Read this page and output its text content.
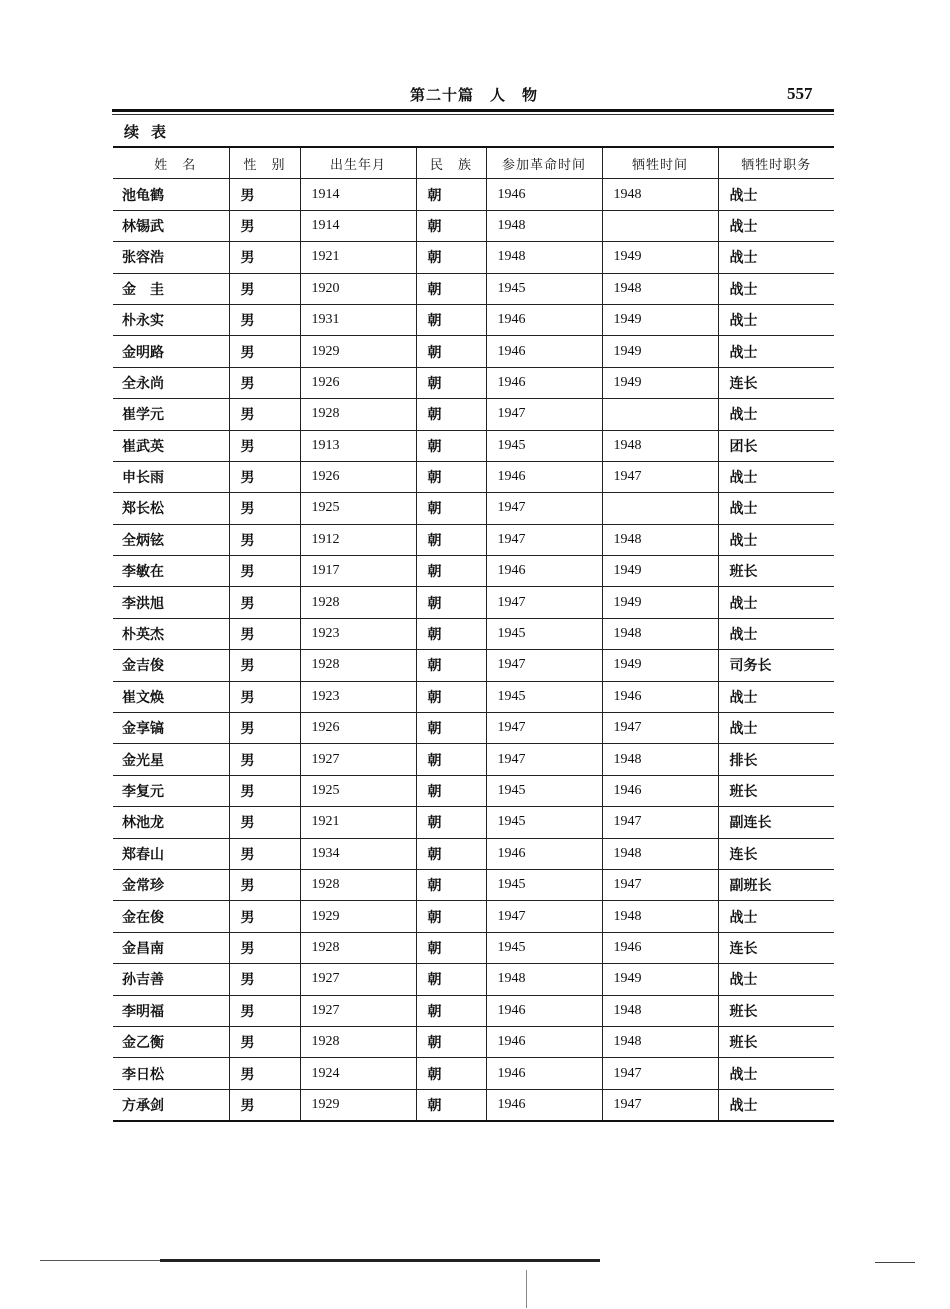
第二十篇　人　物	557
续表
姓　名	性　别	出生年月	民　族	参加革命时间	牺牲时间	牺牲时职务
池龟鹤	男	1914	朝	1946	1948	战士
林锡武	男	1914	朝	1948		战士
张容浩	男	1921	朝	1948	1949	战士
金　圭	男	1920	朝	1945	1948	战士
朴永实	男	1931	朝	1946	1949	战士
金明路	男	1929	朝	1946	1949	战士
全永尚	男	1926	朝	1946	1949	连长
崔学元	男	1928	朝	1947		战士
崔武英	男	1913	朝	1945	1948	团长
申长雨	男	1926	朝	1946	1947	战士
郑长松	男	1925	朝	1947		战士
全炳铉	男	1912	朝	1947	1948	战士
李敏在	男	1917	朝	1946	1949	班长
李洪旭	男	1928	朝	1947	1949	战士
朴英杰	男	1923	朝	1945	1948	战士
金吉俊	男	1928	朝	1947	1949	司务长
崔文焕	男	1923	朝	1945	1946	战士
金享镐	男	1926	朝	1947	1947	战士
金光星	男	1927	朝	1947	1948	排长
李复元	男	1925	朝	1945	1946	班长
林池龙	男	1921	朝	1945	1947	副连长
郑春山	男	1934	朝	1946	1948	连长
金常珍	男	1928	朝	1945	1947	副班长
金在俊	男	1929	朝	1947	1948	战士
金昌南	男	1928	朝	1945	1946	连长
孙吉善	男	1927	朝	1948	1949	战士
李明福	男	1927	朝	1946	1948	班长
金乙衡	男	1928	朝	1946	1948	班长
李日松	男	1924	朝	1946	1947	战士
方承剑	男	1929	朝	1946	1947	战士
